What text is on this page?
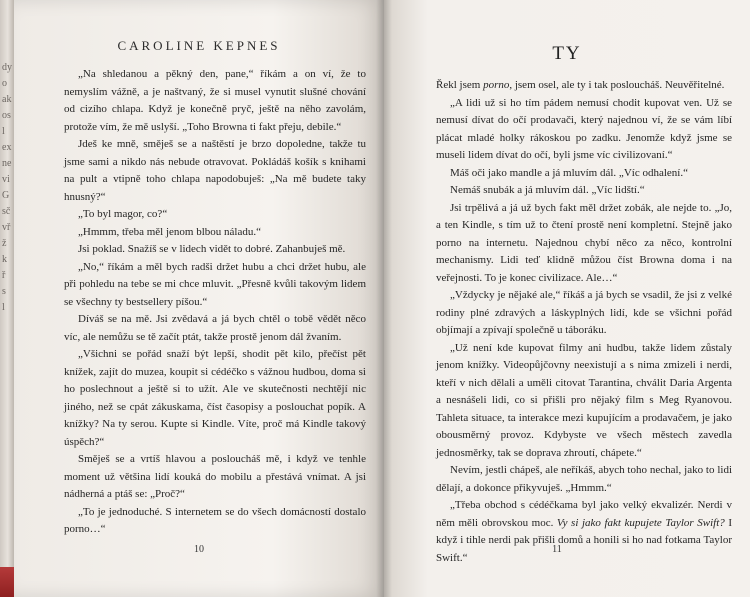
dy
o
ak
os
l
ex
ne
vi
G
sč
vř
ž
k
ř
s
l
CAROLINE KEPNES

„Na shledanou a pěkný den, pane,“ říkám a on ví, že to nemyslím vážně, a je naštvaný, že si musel vynutit slušné chování od cizího chlapa. Když je konečně pryč, ještě na něho zavolám, protože vím, že mě uslyší. „Toho Browna ti fakt přeju, debile.“

Jdeš ke mně, směješ se a naštěstí je brzo dopoledne, takže tu jsme sami a nikdo nás nebude otravovat. Pokládáš košík s knihami na pult a vtipně toho chlapa napodobuješ: „Na mě budete taky hnusný?“

„To byl magor, co?“

„Hmmm, třeba měl jenom blbou náladu.“

Jsi poklad. Snažíš se v lidech vidět to dobré. Zahanbuješ mě.

„No,“ říkám a měl bych radši držet hubu a chci držet hubu, ale při pohledu na tebe se mi chce mluvit. „Přesně kvůli takovým lidem se všechny ty bestsellery píšou.“

Díváš se na mě. Jsi zvědavá a já bych chtěl o tobě vědět něco víc, ale nemůžu se tě začít ptát, takže prostě jenom dál žvaním.

„Všichni se pořád snaží být lepší, shodit pět kilo, přečíst pět knížek, zajít do muzea, koupit si cédéčko s vážnou hudbou, doma si ho poslechnout a ještě si to užít. Ale ve skutečnosti nechtějí nic jiného, než se cpát zákuskama, číst časopisy a poslouchat popík. A knížky? Na ty serou. Kupte si Kindle. Víte, proč má Kindle takový úspěch?“

Směješ se a vrtíš hlavou a posloucháš mě, i když ve tenhle moment už většina lidí kouká do mobilu a přestává vnímat. A jsi nádherná a ptáš se: „Proč?“

„To je jednoduché. S internetem se do všech domácností dostalo porno…“

10
TY

Řekl jsem porno, jsem osel, ale ty i tak posloucháš. Neuvěřitelné.

„A lidi už si ho tím pádem nemusí chodit kupovat ven. Už se nemusí dívat do očí prodavači, který najednou ví, že se vám líbí plácat mladé holky rákoskou po zadku. Jenomže když jsme se museli lidem dívat do očí, byli jsme víc civilizovaní.“

Máš oči jako mandle a já mluvím dál. „Víc odhalení.“

Nemáš snubák a já mluvím dál. „Víc lidští.“

Jsi trpělivá a já už bych fakt měl držet zobák, ale nejde to. „Jo, a ten Kindle, s tím už to čtení prostě není kompletní. Stejně jako porno na internetu. Najednou chybí něco za něco, kontrolní mechanismy. Lidi teď klidně můžou číst Browna doma i na veřejnosti. To je konec civilizace. Ale…“

„Vždycky je nějaké ale,“ říkáš a já bych se vsadil, že jsi z velké rodiny plné zdravých a láskyplných lidí, kde se všichni pořád objímají a zpívají společně u táboráku.

„Už není kde kupovat filmy ani hudbu, takže lidem zůstaly jenom knížky. Videopůjčovny neexistují a s nima zmizeli i nerdi, kteří v nich dělali a uměli citovat Tarantina, chválit Daria Argenta a nesnášeli lidi, co si přišli pro nějaký film s Meg Ryanovou. Tahleta situace, ta interakce mezi kupujícím a prodavačem, je jako obousměrný provoz. Kdybyste ve všech městech zavedla jednosměrky, tak se doprava zhroutí, chápete.“

Nevím, jestli chápeš, ale neříkáš, abych toho nechal, jako to lidi dělají, a dokonce přikyvuješ. „Hmmm.“

„Třeba obchod s cédéčkama byl jako velký ekvalizér. Nerdi v něm měli obrovskou moc. Vy si jako fakt kupujete Taylor Swift? I když i tihle nerdi pak přišli domů a honili si ho nad fotkama Taylor Swift.“

11
